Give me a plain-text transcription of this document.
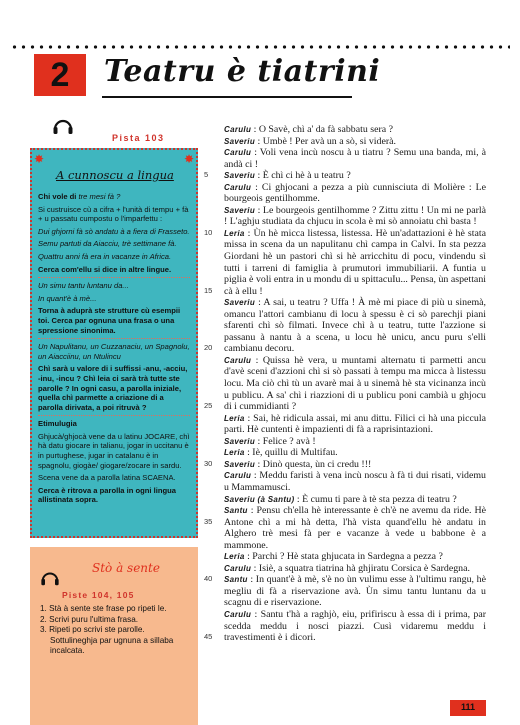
2 Teatru è tiatrini
Pista 103
✸	✸
A cunnoscu a lingua

Chi vole di tre mesi fà ?

Si custruisce cù a cifra + l'unità di tempu + fà + u passatu cumpostu o l'imparfettu :

Dui ghjorni fà sò andatu à a fiera di Frasseto.

Semu partuti da Aiacciu, trè settimane fà.

Quattru anni fà era in vacanze in Africa.

Cerca com'ellu si dice in altre lingue.

Un simu tantu luntanu da...

In quant'è à mè...

Torna à aduprà ste strutture cù esempii toi. Cerca par ognuna una frasa o una spressione sinonima.

Un Napulitanu, un Cuzzanaciu, un Spagnolu, un Aiacciinu, un Ntulincu

Chì sarà u valore di i suffissi -anu, -acciu, -inu, -incu ? Chì leia ci sarà trà tutte ste parolle ? In ogni casu, a parolla iniziale, quella chì parmette a criazione di a parolla dirivata, a poi ritruvà ?

Etimulugia

Ghjucà/ghjocà vene da u latinu JOCARE, chì hà datu giocare in talianu, jogar in uccitanu è in purtughese, jugar in catalanu è in spagnolu, giogàe/ giogare/zocare in sardu.

Scena vene da a parolla latina SCAENA.

Cerca è ritrova a parolla in ogni lingua allistinata sopra.

Stò à sente
Piste 104, 105
1. Stà à sente ste frase po ripeti le.
2. Scrivi puru l'ultima frasa.
3. Ripeti po scrivi ste parolle. Sottulineghja par ugnuna a sillaba incalcata.
Carulu : O Savè, chì a' da fà sabbatu sera ?
Saveriu : Umbè ! Per avà un a sò, si viderà.
Carulu : Voli vena incù noscu à u tiatru ? Semu una banda, mi, à andà ci !
Saveriu : È chì ci hè à u teatru ?
Carulu : Ci ghjocani a pezza a più cunnisciuta di Molière : Le bourgeois gentilhomme.
Saveriu : Le bourgeois gentilhomme ? Zittu zittu ! Un mi ne parlà ! L'aghju studiata da chjucu in scola è mi sò annoiatu chì basta !
Leria : Ùn hè micca listessa, listessa. Hè un'adattazioni è hè stata missa in scena da un napulitanu chì campa in Calvi. In sta pezza Giordani hè un pastori chì si hè arricchitu di pocu, vindendu sì tutti i tarreni di famiglia à prumutori immubiliarii. A funtia u piglia è voli entra in u mondu di u spittacuIu... Pensa, ùn aspettani cà à ellu !
Saveriu : A sai, u teatru ? Uffa ! À mè mi piace di più u sinemà, omancu l'attori cambianu di locu à spessu è ci sò parechji piani sfarenti chì sò filmati. Invece chì à u teatru, tutte l'azzione si passanu à nantu à a scena, u locu hè unicu, ancu puru s'elli cambianu decoru.
Carulu : Quissa hè vera, u muntami alternatu ti parmetti ancu d'avè sceni d'azzioni chì si sò passati à tempu ma micca à listessu locu. Ma ciò chì tù un avarè mai à u sinemà hè sta vicinanza incù u publicu. A sa' chì i riazzioni di u publicu poni cambià u ghjocu di i cummidianti ?
Leria : Sai, hè ridicula assai, mi anu dittu. Filici ci hà una piccula parti. Hè cuntenti è impazienti di fà a raprisintazioni.
Saveriu : Felice ? avà !
Leria : Iè, quillu di Multifau.
Saveriu : Dinò questa, ùn ci credu !!!
Carulu : Meddu faristi à vena incù noscu à fà ti dui risati, videmu u Mammamusci.
Saveriu (à Santu) : È cumu ti pare à tè sta pezza di teatru ?
Santu : Pensu ch'ella hè interessante è ch'è ne avemu da ride. Hè Antone chì a mi hà detta, l'hà vista quand'ellu hè andatu in Alghero trè mesi fà per e vacanze à vede u babbone è a mammone.
Leria : Parchi ? Hè stata ghjucata in Sardegna a pezza ?
Carulu : Isiè, a squatra tiatrina hà ghjiratu Corsica è Sardegna.
Santu : In quant'è à mè, s'è no ùn vulimu esse à l'ultimu rangu, hè megliu di fà a riservazione avà. Ùn simu tantu luntanu da u scagnu di e riservazione.
Carulu : Santu t'hà a raghjò, eiu, prifiriscu à essa di i prima, par scedda meddu i nosci piazzi. Cusì vidaremu meddu i travestimenti è i dicori.
5
10
15
20
25
30
35
40
45
111
